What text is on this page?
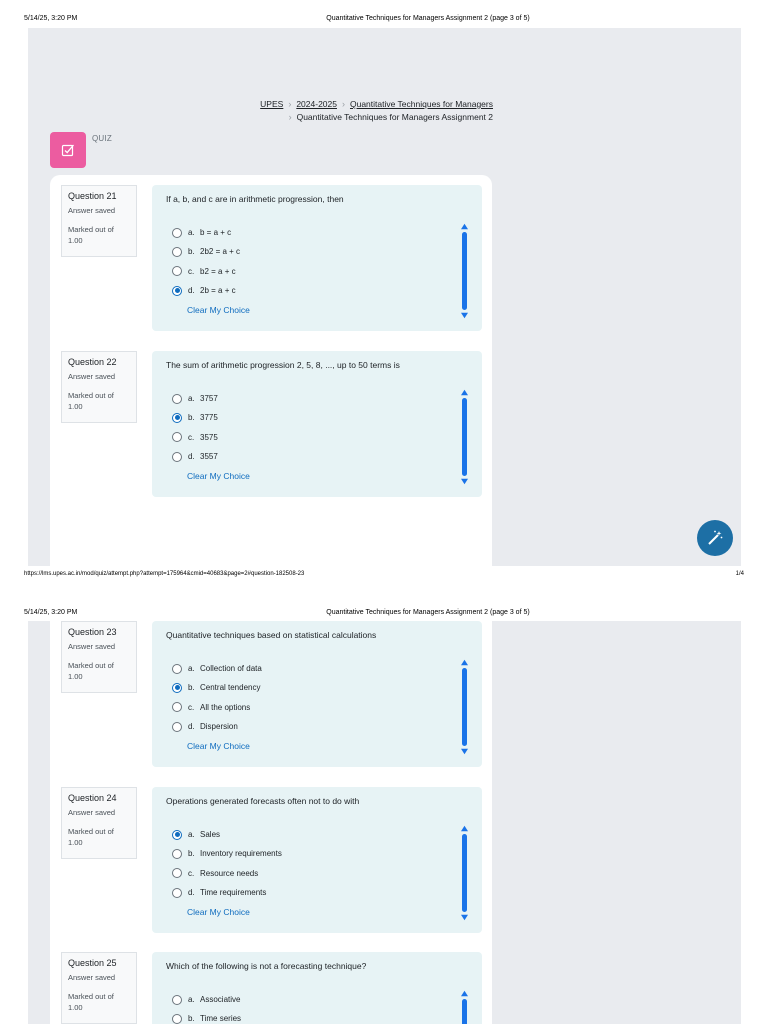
5/14/25, 3:20 PM	Quantitative Techniques for Managers Assignment 2 (page 3 of 5)
UPES › 2024-2025 › Quantitative Techniques for Managers
› Quantitative Techniques for Managers Assignment 2
QUIZ
Question 21
Answer saved
Marked out of 1.00
If a, b, and c are in arithmetic progression, then
a. b = a + c
b. 2b2 = a + c
c. b2 = a + c
d. 2b = a + c
Clear My Choice
Question 22
Answer saved
Marked out of 1.00
The sum of arithmetic progression 2, 5, 8, ..., up to 50 terms is
a. 3757
b. 3775
c. 3575
d. 3557
Clear My Choice
https://lms.upes.ac.in/mod/quiz/attempt.php?attempt=175964&cmid=40683&page=2#question-182508-23	1/4
5/14/25, 3:20 PM	Quantitative Techniques for Managers Assignment 2 (page 3 of 5)
Question 23
Answer saved
Marked out of 1.00
Quantitative techniques based on statistical calculations
a. Collection of data
b. Central tendency
c. All the options
d. Dispersion
Clear My Choice
Question 24
Answer saved
Marked out of 1.00
Operations generated forecasts often not to do with
a. Sales
b. Inventory requirements
c. Resource needs
d. Time requirements
Clear My Choice
Question 25
Answer saved
Marked out of 1.00
Which of the following is not a forecasting technique?
a. Associative
b. Time series
